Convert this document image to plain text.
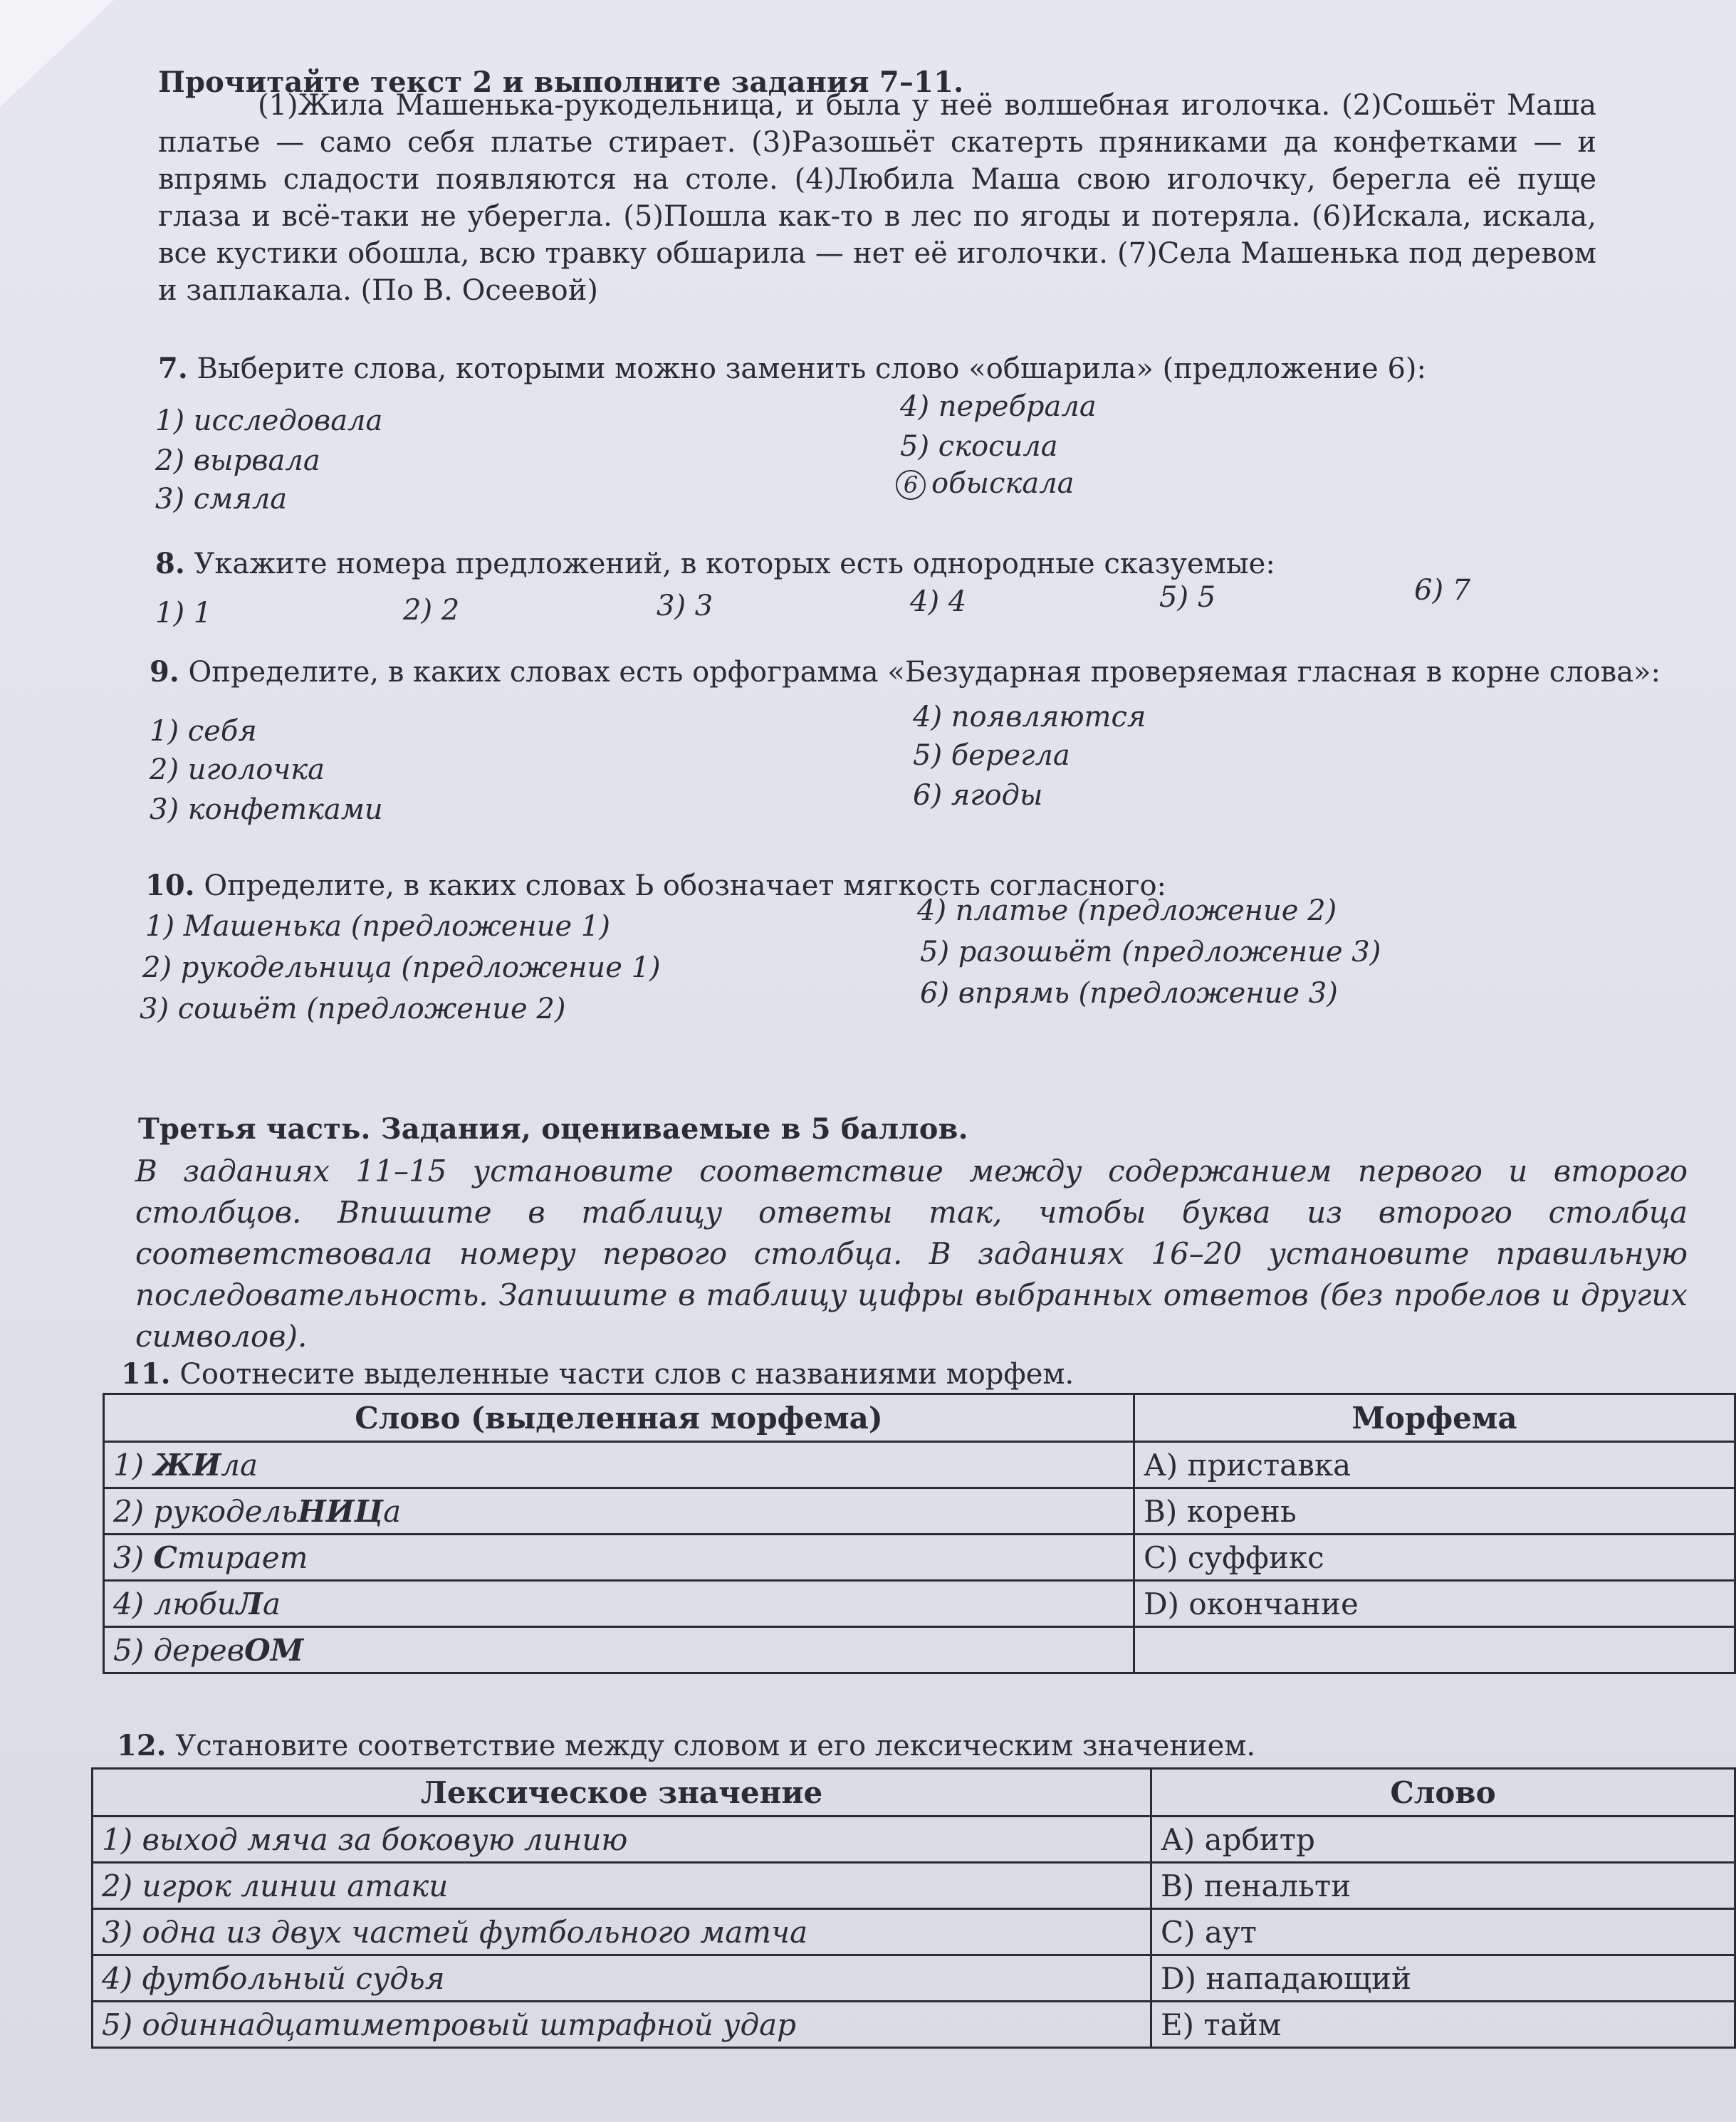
Прочитайте текст 2 и выполните задания 7–11.
(1)Жила Машенька-рукодельница, и была у неё волшебная иголочка. (2)Сошьёт Маша платье — само себя платье стирает. (3)Разошьёт скатерть пряниками да конфетками — и впрямь сладости появляются на столе. (4)Любила Маша свою иголочку, берегла её пуще глаза и всё-таки не уберегла. (5)Пошла как-то в лес по ягоды и потеряла. (6)Искала, искала, все кустики обошла, всю травку обшарила — нет её иголочки. (7)Села Машенька под деревом и заплакала. (По В. Осеевой)
7. Выберите слова, которыми можно заменить слово «обшарила» (предложение 6):
1) исследовала
2) вырвала
3) смяла
4) перебрала
5) скосила
6 обыскала
8. Укажите номера предложений, в которых есть однородные сказуемые:
1) 1	2) 2	3) 3	4) 4	5) 5	6) 7
9. Определите, в каких словах есть орфограмма «Безударная проверяемая гласная в корне слова»:
1) себя
2) иголочка
3) конфетками
4) появляются
5) берегла
6) ягоды
10. Определите, в каких словах Ь обозначает мягкость согласного:
1) Машенька (предложение 1)
2) рукодельница (предложение 1)
3) сошьёт (предложение 2)
4) платье (предложение 2)
5) разошьёт (предложение 3)
6) впрямь (предложение 3)
Третья часть. Задания, оцениваемые в 5 баллов.
В заданиях 11–15 установите соответствие между содержанием первого и второго столбцов. Впишите в таблицу ответы так, чтобы буква из второго столбца соответствовала номеру первого столбца. В заданиях 16–20 установите правильную последовательность. Запишите в таблицу цифры выбранных ответов (без пробелов и других символов).
11. Соотнесите выделенные части слов с названиями морфем.
Слово (выделенная морфема)	Морфема
1) ЖИла	А) приставка
2) рукодельНИЦа	В) корень
3) Стирает	С) суффикс
4) любиЛа	D) окончание
5) деревОМ	
12. Установите соответствие между словом и его лексическим значением.
Лексическое значение	Слово
1) выход мяча за боковую линию	А) арбитр
2) игрок линии атаки	В) пенальти
3) одна из двух частей футбольного матча	С) аут
4) футбольный судья	D) нападающий
5) одиннадцатиметровый штрафной удар	Е) тайм
